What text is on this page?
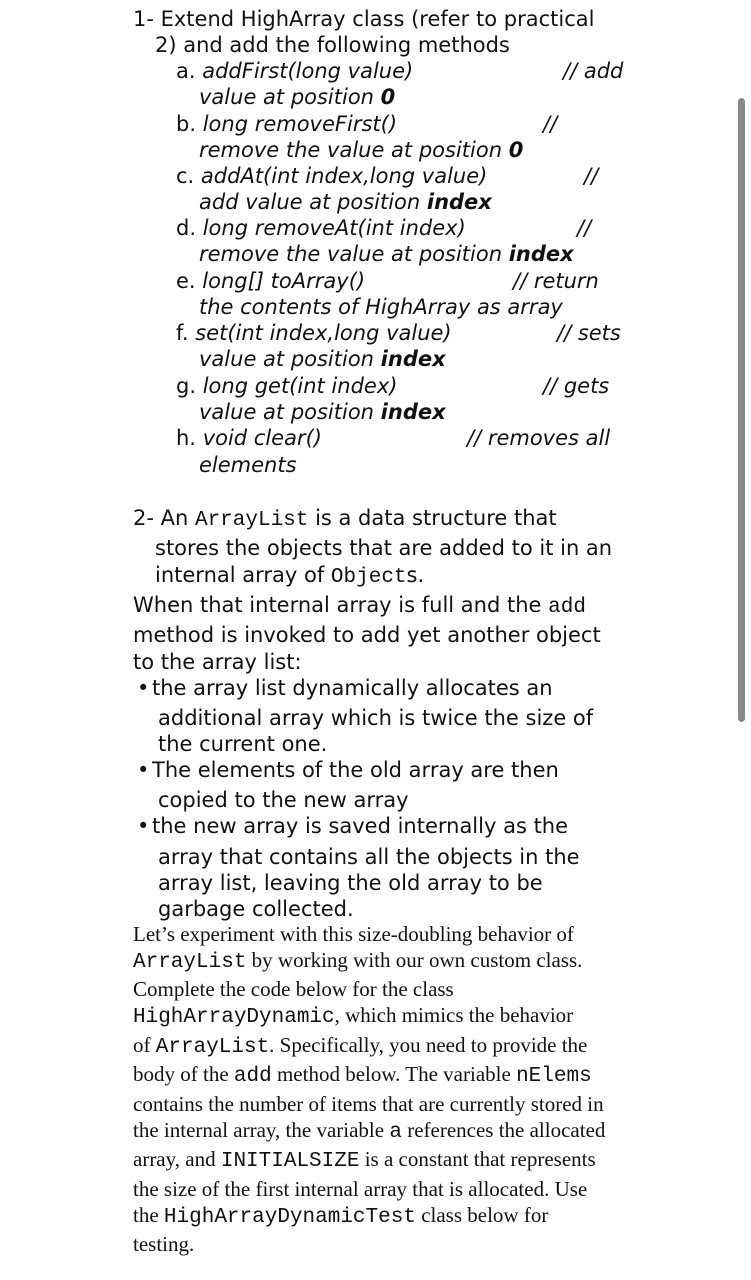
1- Extend HighArray class (refer to practical
2) and add the following methods
a. addFirst(long value)	// add
value at position 0
b. long removeFirst()	//
remove the value at position 0
c. addAt(int index,long value)	//
add value at position index
d. long removeAt(int index)	//
remove the value at position index
e. long[] toArray()	// return
the contents of HighArray as array
f. set(int index,long value)	// sets
value at position index
g. long get(int index)	// gets
value at position index
h. void clear()	// removes all
elements
2- An ArrayList is a data structure that
stores the objects that are added to it in an
internal array of Objects.
When that internal array is full and the add
method is invoked to add yet another object
to the array list:
• the array list dynamically allocates an
additional array which is twice the size of
the current one.
• The elements of the old array are then
copied to the new array
• the new array is saved internally as the
array that contains all the objects in the
array list, leaving the old array to be
garbage collected.
Let’s experiment with this size-doubling behavior of
ArrayList by working with our own custom class.
Complete the code below for the class
HighArrayDynamic, which mimics the behavior
of ArrayList. Specifically, you need to provide the
body of the add method below. The variable nElems
contains the number of items that are currently stored in
the internal array, the variable a references the allocated
array, and INITIALSIZE is a constant that represents
the size of the first internal array that is allocated. Use
the HighArrayDynamicTest class below for
testing.
